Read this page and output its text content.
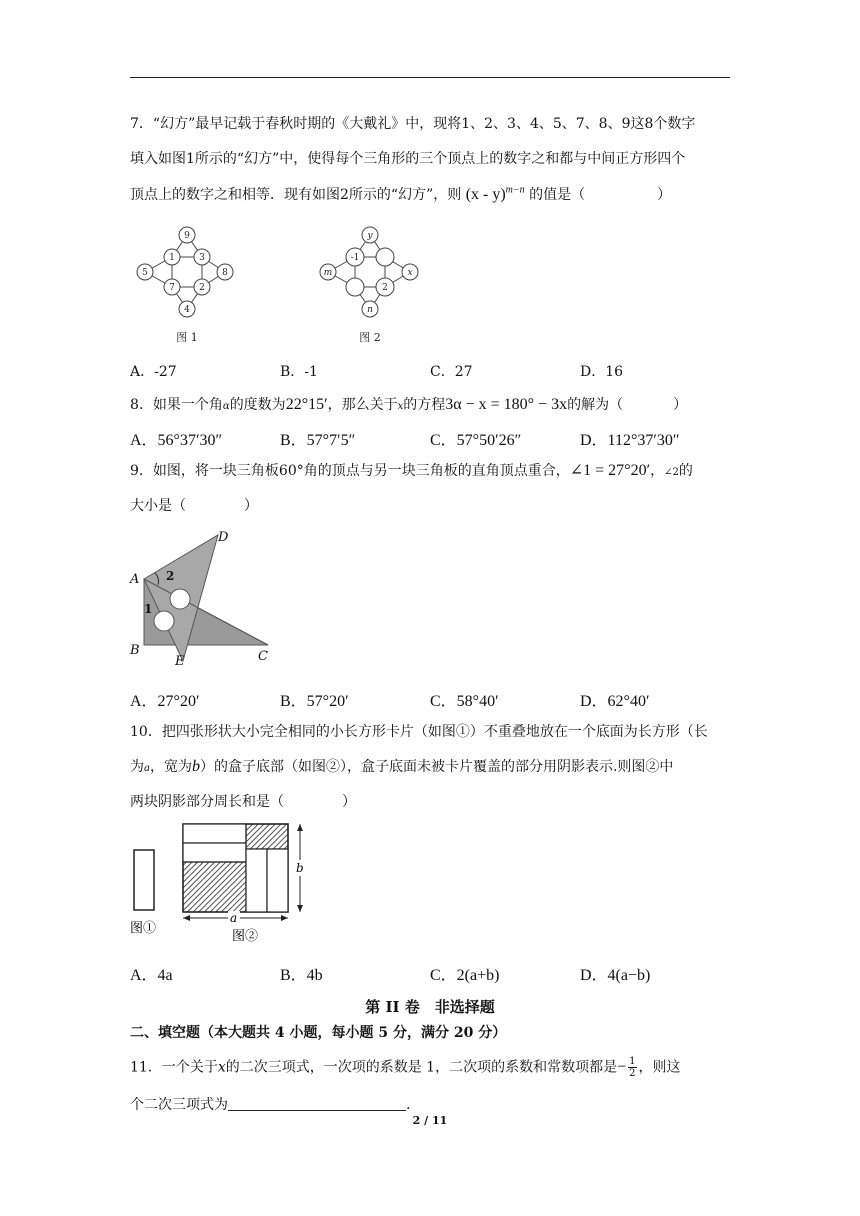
7．“幻方”最早记载于春秋时期的《大戴礼》中，现将1、2、3、4、5、7、8、9这8个数字
填入如图1所示的“幻方”中，使得每个三角形的三个顶点上的数字之和都与中间正方形四个
顶点上的数字之和相等．现有如图2所示的“幻方”，则 (x - y)$^{m-n}$ 的值是（	）
9
5	8
4
1	3
7	2
图 1
y
m	x
n
-1
2
图 2
A．-27	B．-1	C．27	D．16
8．如果一个角α的度数为22°15′，那么关于x的方程3α − x = 180° − 3x的解为（	）
A．56°37′30″	B．57°7′5″	C．57°50′26″	D．112°37′30″
9．如图，将一块三角板60°角的顶点与另一块三角板的直角顶点重合，∠1 = 27°20′，∠2的
大小是（	）
A
B	C
D
E
2
1
A．27°20′	B．57°20′	C．58°40′	D．62°40′
10．把四张形状大小完全相同的小长方形卡片（如图①）不重叠地放在一个底面为长方形（长
为a，宽为b）的盒子底部（如图②），盒子底面未被卡片覆盖的部分用阴影表示.则图②中
两块阴影部分周长和是（	）
图①
b
a
图②
A．4a	B．4b	C．2(a+b)	D．4(a−b)
第 II 卷　非选择题
二、填空题（本大题共 4 小题，每小题 5 分，满分 20 分）
11．一个关于x的二次三项式，一次项的系数是 1，二次项的系数和常数项都是− $\frac{1}{2}$ ，则这
个二次三项式为	.
2 / 11
